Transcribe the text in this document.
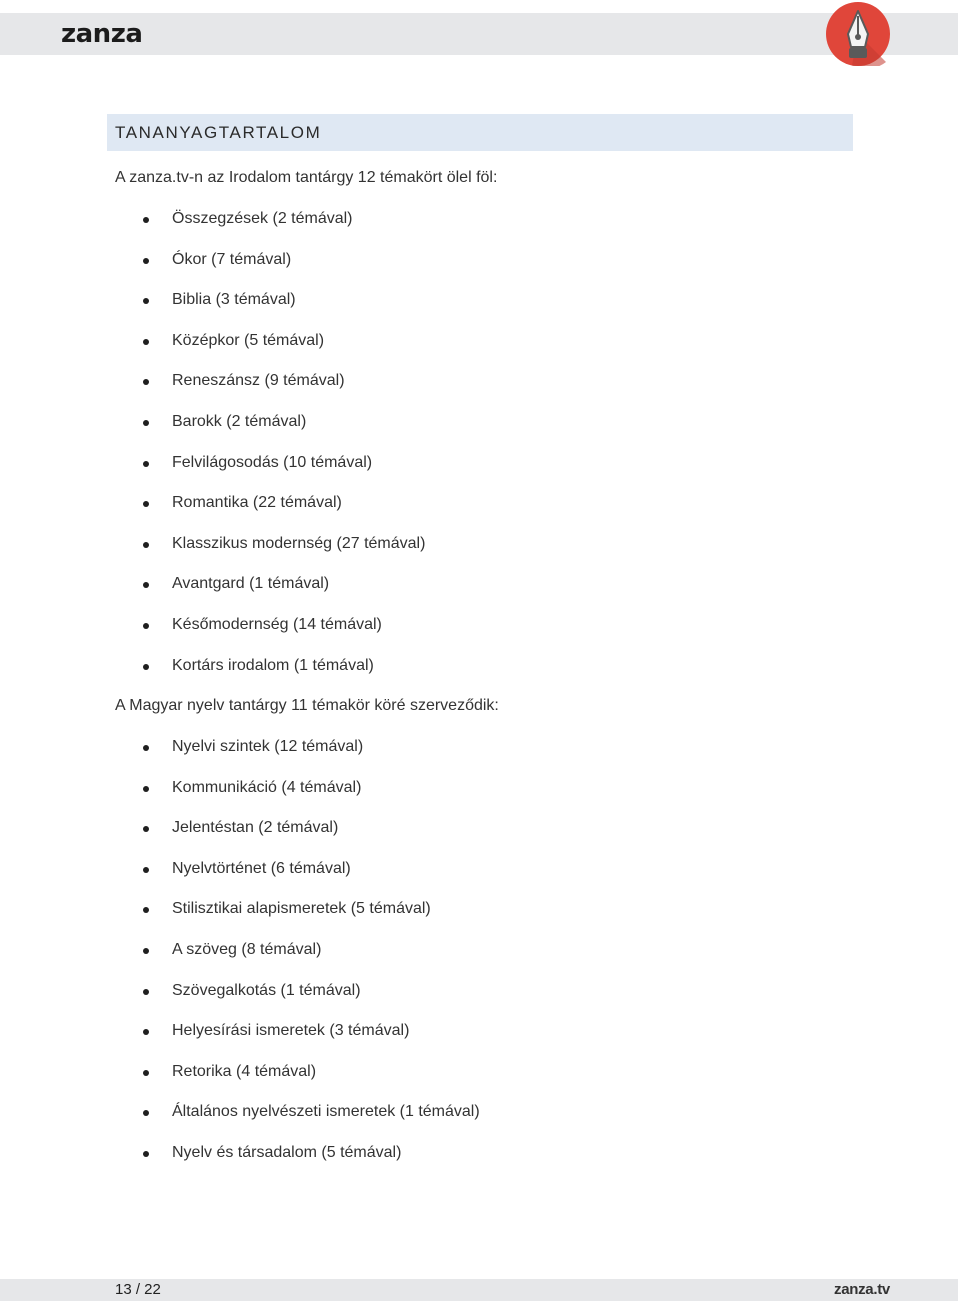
zanza
TANANYAGTARTALOM
A zanza.tv-n az Irodalom tantárgy 12 témakört ölel föl:
Összegzések (2 témával)
Ókor (7 témával)
Biblia (3 témával)
Középkor (5 témával)
Reneszánsz (9 témával)
Barokk (2 témával)
Felvilágosodás (10 témával)
Romantika (22 témával)
Klasszikus modernség (27 témával)
Avantgard (1 témával)
Későmodernség (14 témával)
Kortárs irodalom (1 témával)
A Magyar nyelv tantárgy 11 témakör köré szerveződik:
Nyelvi szintek (12 témával)
Kommunikáció (4 témával)
Jelentéstan (2 témával)
Nyelvtörténet (6 témával)
Stilisztikai alapismeretek (5 témával)
A szöveg (8 témával)
Szövegalkotás (1 témával)
Helyesírási ismeretek (3 témával)
Retorika (4 témával)
Általános nyelvészeti ismeretek (1 témával)
Nyelv és társadalom (5 témával)
13 / 22	zanza.tv
